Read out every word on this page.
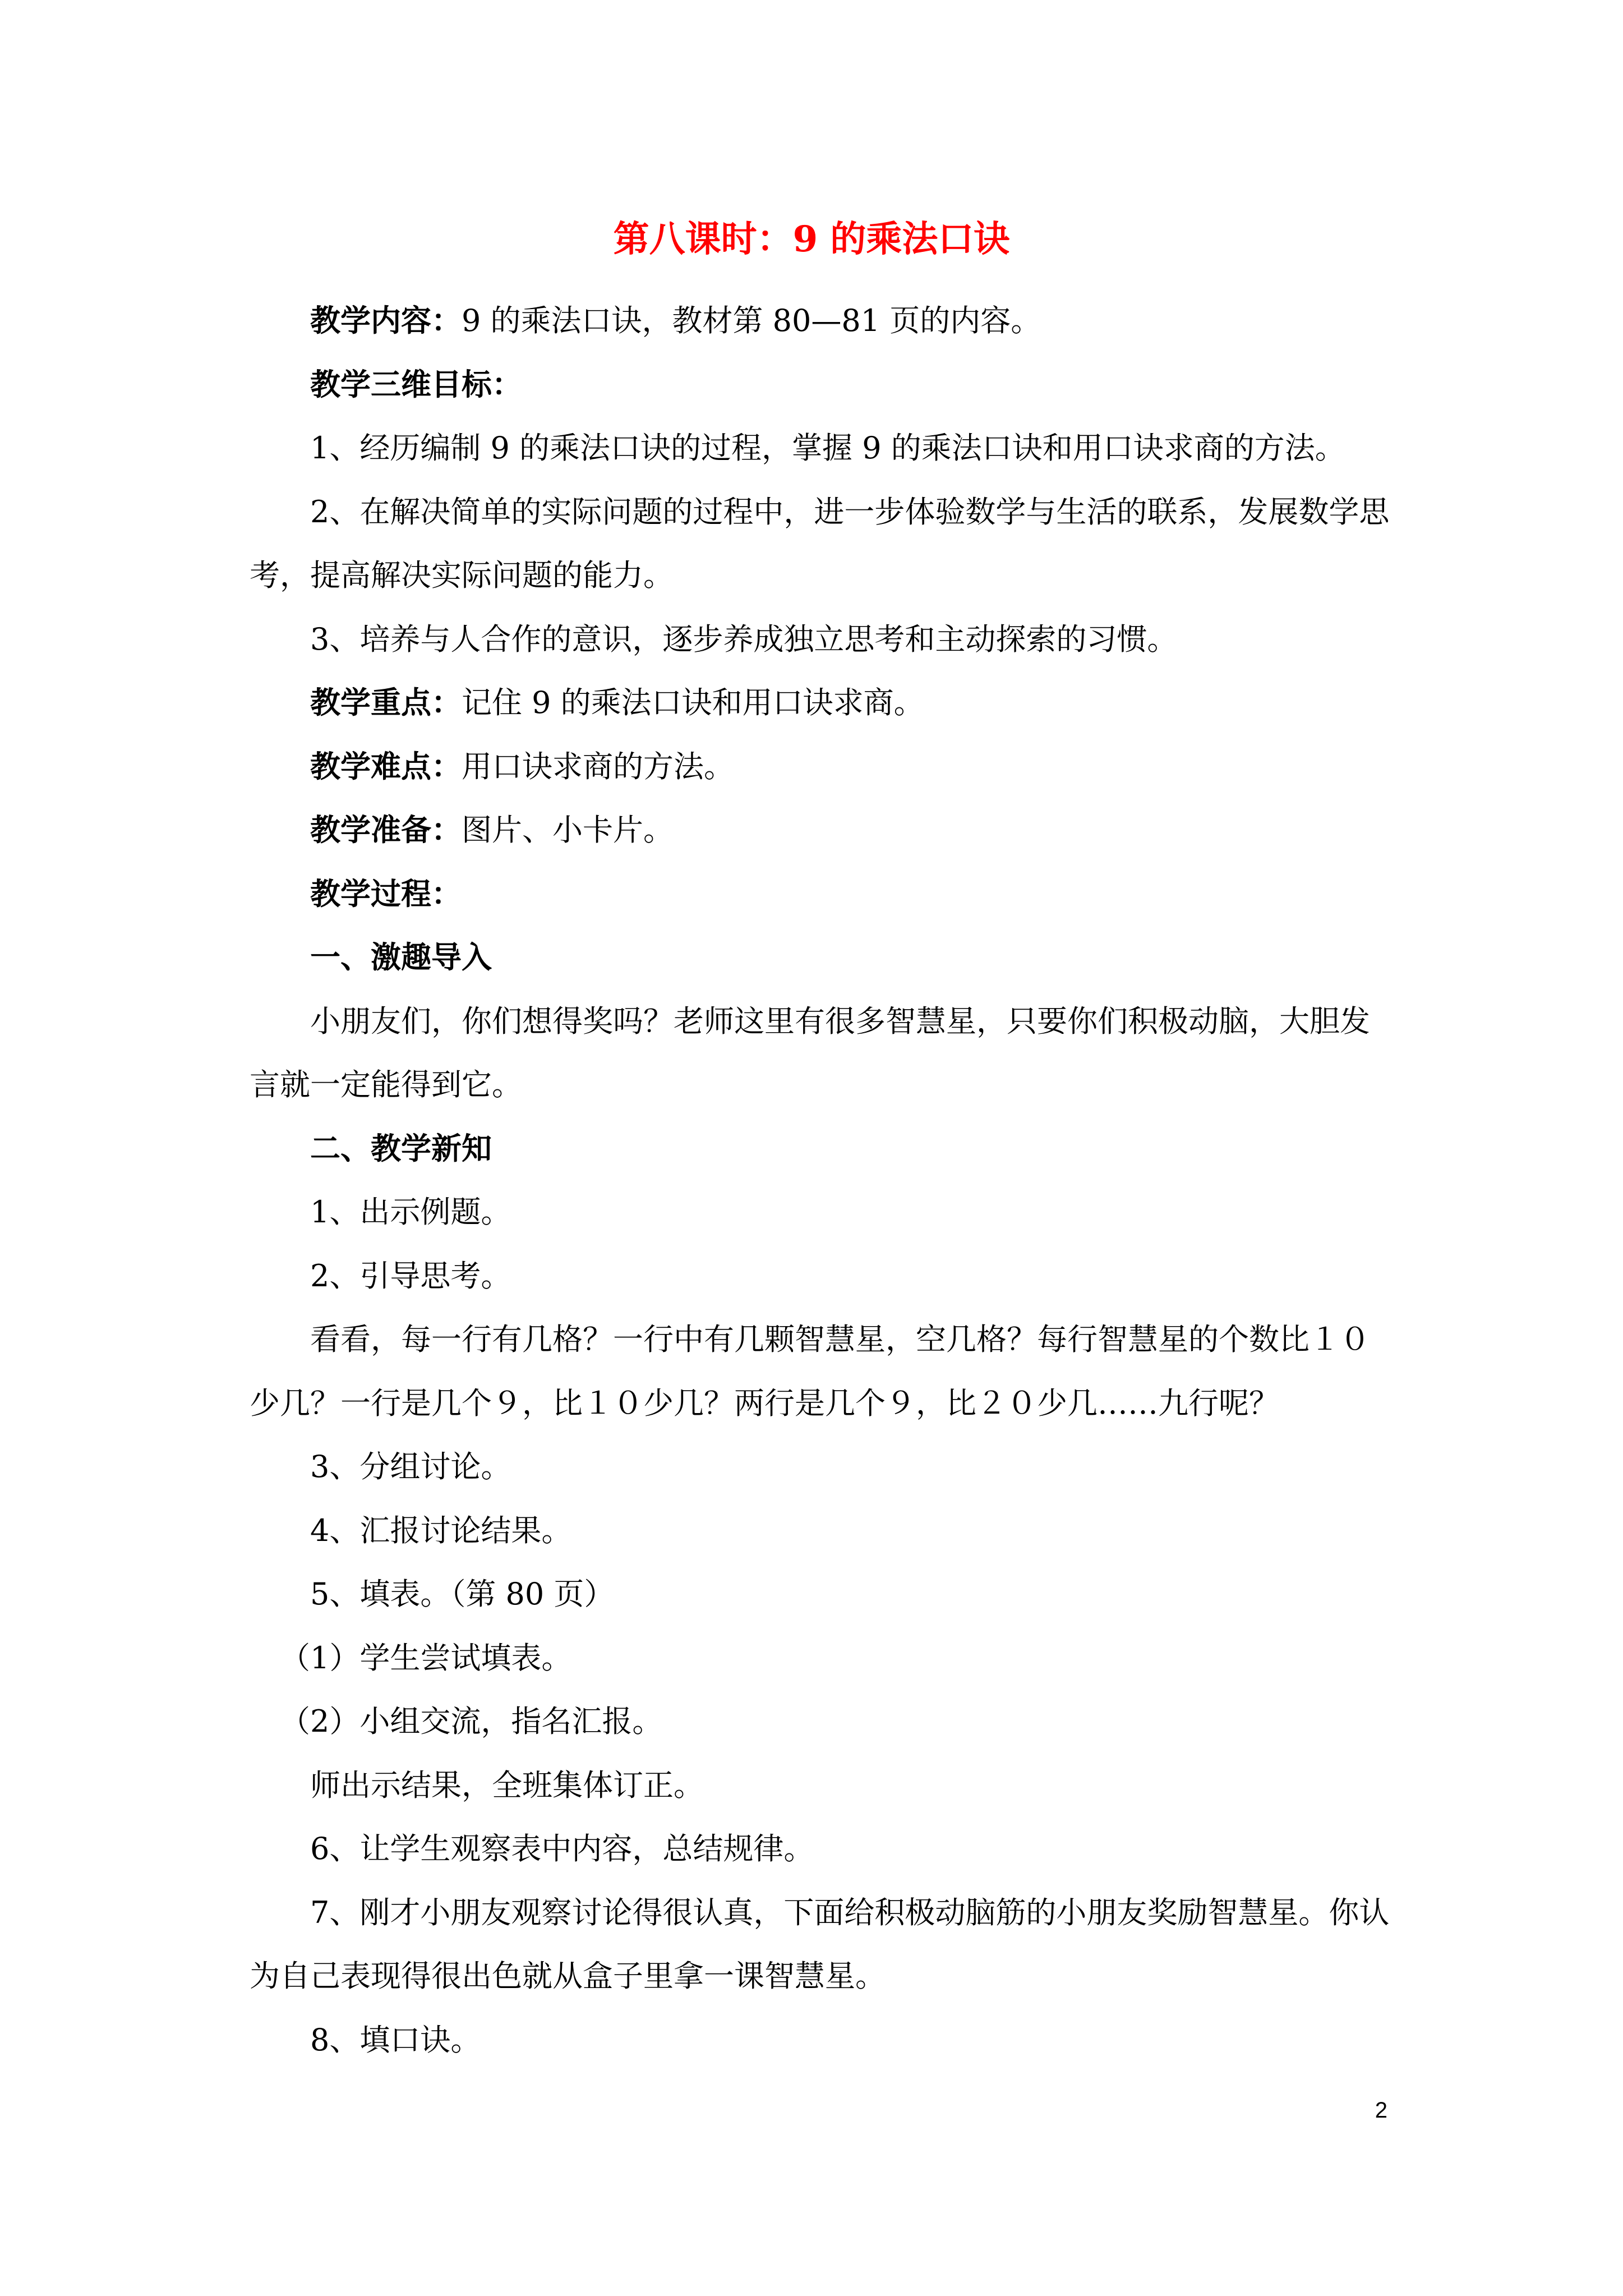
第八课时：9 的乘法口诀

教学内容：9 的乘法口诀，教材第 80—81 页的内容。

教学三维目标：

1、经历编制 9 的乘法口诀的过程，掌握 9 的乘法口诀和用口诀求商的方法。

2、在解决简单的实际问题的过程中，进一步体验数学与生活的联系，发展数学思考，提高解决实际问题的能力。

3、培养与人合作的意识，逐步养成独立思考和主动探索的习惯。

教学重点：记住 9 的乘法口诀和用口诀求商。

教学难点：用口诀求商的方法。

教学准备：图片、小卡片。

教学过程：

一、激趣导入

小朋友们，你们想得奖吗？老师这里有很多智慧星，只要你们积极动脑，大胆发言就一定能得到它。

二、教学新知

1、出示例题。

2、引导思考。

看看，每一行有几格？一行中有几颗智慧星，空几格？每行智慧星的个数比１０少几？一行是几个９，比１０少几？两行是几个９，比２０少几……九行呢？

3、分组讨论。

4、汇报讨论结果。

5、填表。（第 80 页）

（1）学生尝试填表。

（2）小组交流，指名汇报。

师出示结果，全班集体订正。

6、让学生观察表中内容，总结规律。

7、刚才小朋友观察讨论得很认真，下面给积极动脑筋的小朋友奖励智慧星。你认为自己表现得很出色就从盒子里拿一课智慧星。

8、填口诀。

2
